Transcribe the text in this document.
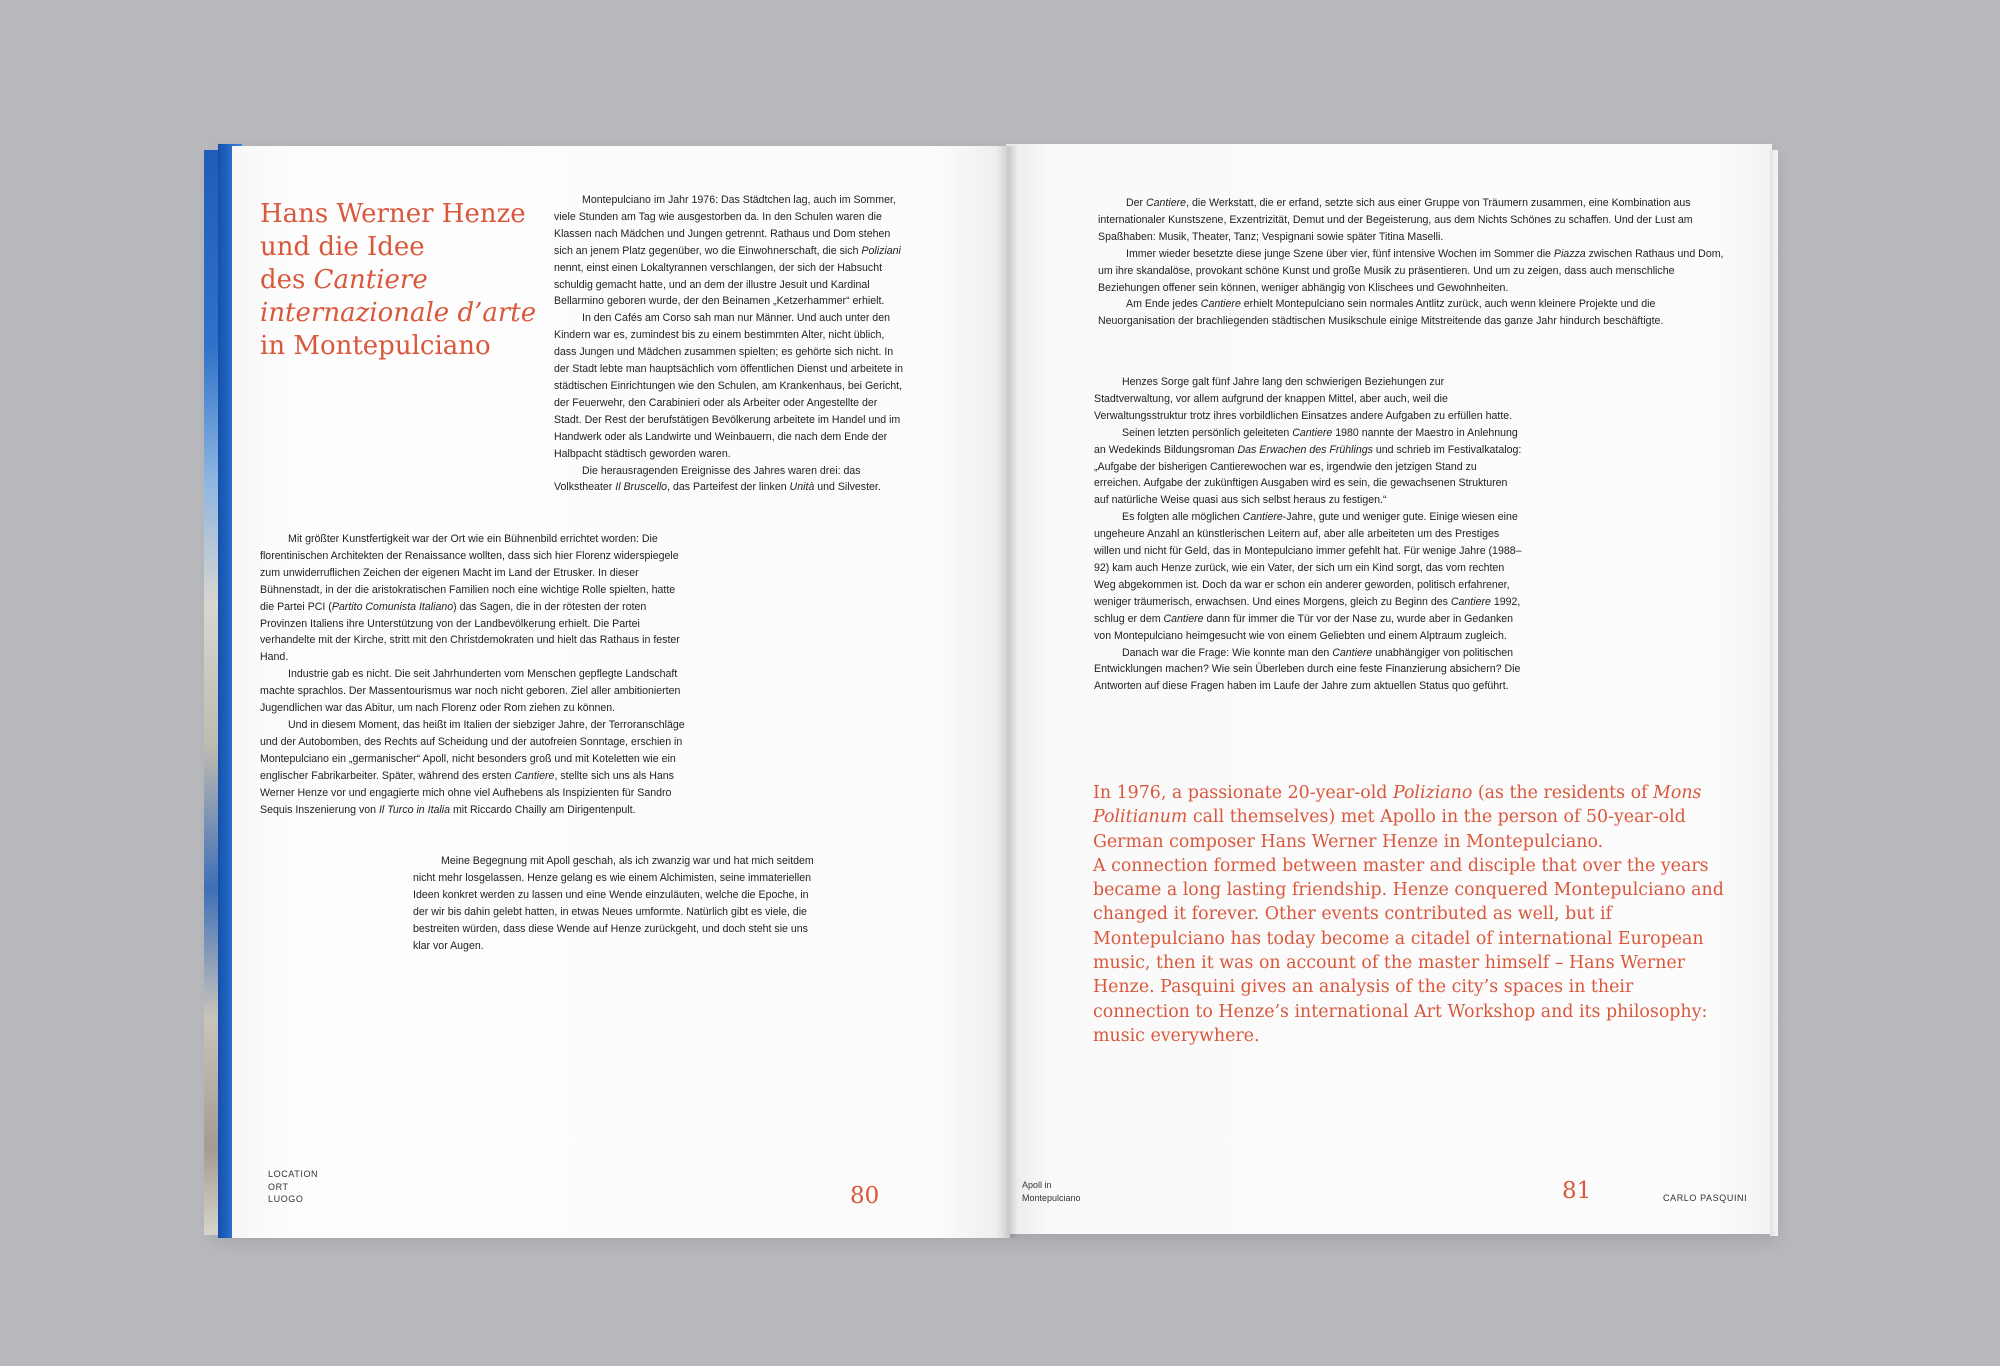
Hans Werner Henze
und die Idee
des Cantiere
internazionale d’arte
in Montepulciano

Montepulciano im Jahr 1976: Das Städtchen lag, auch im Sommer, viele Stunden am Tag wie ausgestorben da. In den Schulen waren die Klassen nach Mädchen und Jungen getrennt. Rathaus und Dom stehen sich an jenem Platz gegenüber, wo die Einwohnerschaft, die sich Poliziani nennt, einst einen Lokaltyrannen verschlangen, der sich der Habsucht schuldig gemacht hatte, und an dem der illustre Jesuit und Kardinal Bellarmino geboren wurde, der den Beinamen „Ketzerhammer“ erhielt.

In den Cafés am Corso sah man nur Männer. Und auch unter den Kindern war es, zumindest bis zu einem bestimmten Alter, nicht üblich, dass Jungen und Mädchen zusammen spielten; es gehörte sich nicht. In der Stadt lebte man hauptsächlich vom öffentlichen Dienst und arbeitete in städtischen Einrichtungen wie den Schulen, am Krankenhaus, bei Gericht, der Feuerwehr, den Carabinieri oder als Arbeiter oder Angestellte der Stadt. Der Rest der berufstätigen Bevölkerung arbeitete im Handel und im Handwerk oder als Landwirte und Weinbauern, die nach dem Ende der Halbpacht städtisch geworden waren.

Die herausragenden Ereignisse des Jahres waren drei: das Volkstheater Il Bruscello, das Parteifest der linken Unità und Silvester.

Mit größter Kunstfertigkeit war der Ort wie ein Bühnenbild errichtet worden: Die florentinischen Architekten der Renaissance wollten, dass sich hier Florenz widerspiegele zum unwiderruflichen Zeichen der eigenen Macht im Land der Etrusker. In dieser Bühnenstadt, in der die aristokratischen Familien noch eine wichtige Rolle spielten, hatte die Partei PCI (Partito Comunista Italiano) das Sagen, die in der rötesten der roten Provinzen Italiens ihre Unterstützung von der Landbevölkerung erhielt. Die Partei verhandelte mit der Kirche, stritt mit den Christdemokraten und hielt das Rathaus in fester Hand.

Industrie gab es nicht. Die seit Jahrhunderten vom Menschen gepflegte Landschaft machte sprachlos. Der Massentourismus war noch nicht geboren. Ziel aller ambitionierten Jugendlichen war das Abitur, um nach Florenz oder Rom ziehen zu können.

Und in diesem Moment, das heißt im Italien der siebziger Jahre, der Terroranschläge und der Autobomben, des Rechts auf Scheidung und der autofreien Sonntage, erschien in Montepulciano ein „germanischer“ Apoll, nicht besonders groß und mit Koteletten wie ein englischer Fabrikarbeiter. Später, während des ersten Cantiere, stellte sich uns als Hans Werner Henze vor und engagierte mich ohne viel Aufhebens als Inspizienten für Sandro Sequis Inszenierung von Il Turco in Italia mit Riccardo Chailly am Dirigentenpult.

Meine Begegnung mit Apoll geschah, als ich zwanzig war und hat mich seitdem nicht mehr losgelassen. Henze gelang es wie einem Alchimisten, seine immateriellen Ideen konkret werden zu lassen und eine Wende einzuläuten, welche die Epoche, in der wir bis dahin gelebt hatten, in etwas Neues umformte. Natürlich gibt es viele, die bestreiten würden, dass diese Wende auf Henze zurückgeht, und doch steht sie uns klar vor Augen.

LOCATION
ORT
LUOGO	80

Der Cantiere, die Werkstatt, die er erfand, setzte sich aus einer Gruppe von Träumern zusammen, eine Kombination aus internationaler Kunstszene, Exzentrizität, Demut und der Begeisterung, aus dem Nichts Schönes zu schaffen. Und der Lust am Spaßhaben: Musik, Theater, Tanz; Vespignani sowie später Titina Maselli.

Immer wieder besetzte diese junge Szene über vier, fünf intensive Wochen im Sommer die Piazza zwischen Rathaus und Dom, um ihre skandalöse, provokant schöne Kunst und große Musik zu präsentieren. Und um zu zeigen, dass auch menschliche Beziehungen offener sein können, weniger abhängig von Klischees und Gewohnheiten.

Am Ende jedes Cantiere erhielt Montepulciano sein normales Antlitz zurück, auch wenn kleinere Projekte und die Neuorganisation der brachliegenden städtischen Musikschule einige Mitstreitende das ganze Jahr hindurch beschäftigte.

Henzes Sorge galt fünf Jahre lang den schwierigen Beziehungen zur Stadtverwaltung, vor allem aufgrund der knappen Mittel, aber auch, weil die Verwaltungsstruktur trotz ihres vorbildlichen Einsatzes andere Aufgaben zu erfüllen hatte.

Seinen letzten persönlich geleiteten Cantiere 1980 nannte der Maestro in Anlehnung an Wedekinds Bildungsroman Das Erwachen des Frühlings und schrieb im Festivalkatalog: „Aufgabe der bisherigen Cantierewochen war es, irgendwie den jetzigen Stand zu erreichen. Aufgabe der zukünftigen Ausgaben wird es sein, die gewachsenen Strukturen auf natürliche Weise quasi aus sich selbst heraus zu festigen.“

Es folgten alle möglichen Cantiere-Jahre, gute und weniger gute. Einige wiesen eine ungeheure Anzahl an künstlerischen Leitern auf, aber alle arbeiteten um des Prestiges willen und nicht für Geld, das in Montepulciano immer gefehlt hat. Für wenige Jahre (1988–92) kam auch Henze zurück, wie ein Vater, der sich um ein Kind sorgt, das vom rechten Weg abgekommen ist. Doch da war er schon ein anderer geworden, politisch erfahrener, weniger träumerisch, erwachsen. Und eines Morgens, gleich zu Beginn des Cantiere 1992, schlug er dem Cantiere dann für immer die Tür vor der Nase zu, wurde aber in Gedanken von Montepulciano heimgesucht wie von einem Geliebten und einem Alptraum zugleich.

Danach war die Frage: Wie konnte man den Cantiere unabhängiger von politischen Entwicklungen machen? Wie sein Überleben durch eine feste Finanzierung absichern? Die Antworten auf diese Fragen haben im Laufe der Jahre zum aktuellen Status quo geführt.

In 1976, a passionate 20-year-old Poliziano (as the residents of Mons Politianum call themselves) met Apollo in the person of 50-year-old German composer Hans Werner Henze in Montepulciano.
A connection formed between master and disciple that over the years became a long lasting friendship. Henze conquered Montepulciano and changed it forever. Other events contributed as well, but if Montepulciano has today become a citadel of international European music, then it was on account of the master himself – Hans Werner Henze. Pasquini gives an analysis of the city’s spaces in their connection to Henze’s international Art Workshop and its philosophy: music everywhere.
Apoll in
Montepulciano	81	CARLO PASQUINI
